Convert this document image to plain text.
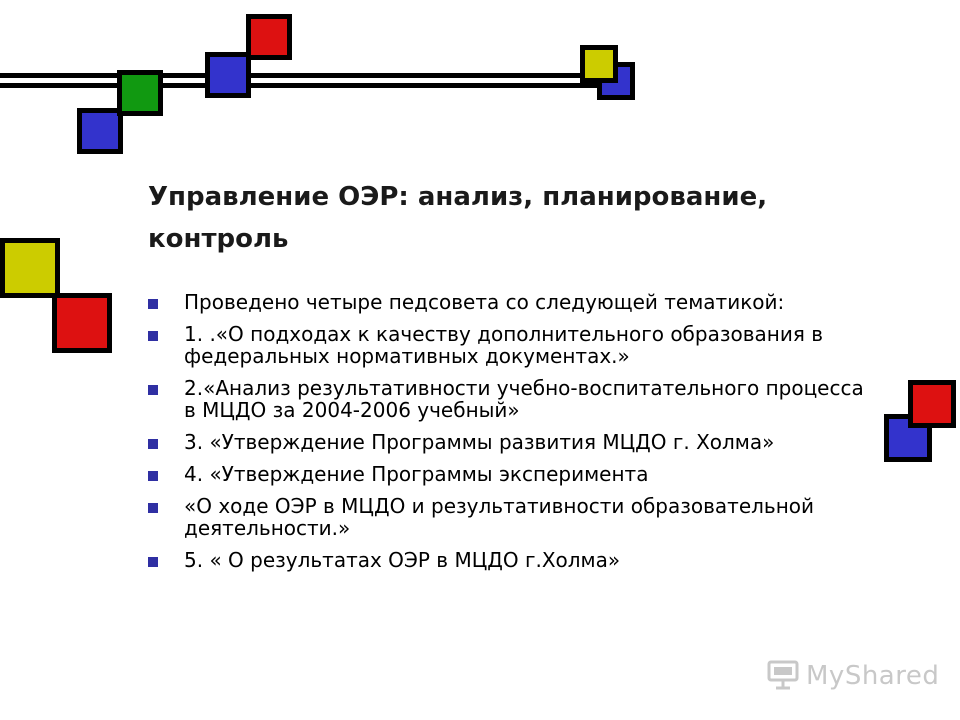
Управление ОЭР: анализ, планирование, контроль
Проведено четыре педсовета со следующей тематикой:
1. .«О подходах к качеству дополнительного образования в федеральных нормативных документах.»
2.«Анализ результативности учебно-воспитательного процесса в МЦДО за 2004-2006 учебный»
3. «Утверждение Программы развития МЦДО г. Холма»
4. «Утверждение Программы эксперимента
«О ходе ОЭР в МЦДО и результативности образовательной деятельности.»
5. « О результатах ОЭР в МЦДО г.Холма»
MyShared
